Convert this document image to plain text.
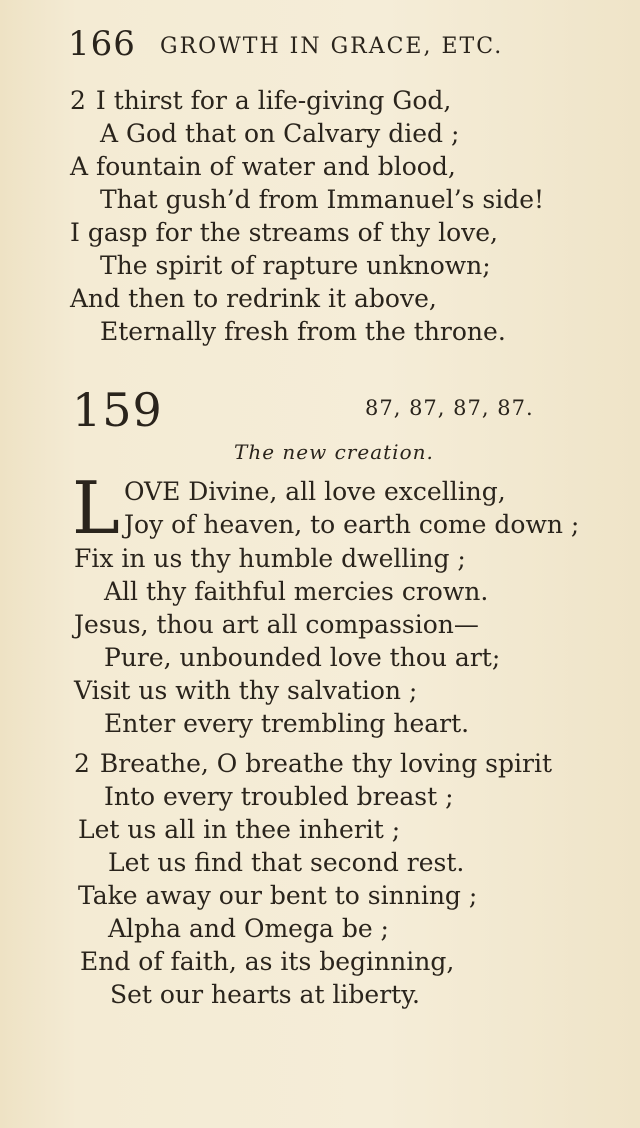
166 GROWTH IN GRACE, ETC.
2 I thirst for a life-giving God,
A God that on Calvary died ;
A fountain of water and blood,
That gush’d from Immanuel’s side!
I gasp for the streams of thy love,
The spirit of rapture unknown;
And then to redrink it above,
Eternally fresh from the throne.
159	87, 87, 87, 87.
The new creation.
L OVE Divine, all love excelling,
Joy of heaven, to earth come down ;
Fix in us thy humble dwelling ;
All thy faithful mercies crown.
Jesus, thou art all compassion—
Pure, unbounded love thou art;
Visit us with thy salvation ;
Enter every trembling heart.
2 Breathe, O breathe thy loving spirit
Into every troubled breast ;
Let us all in thee inherit ;
Let us find that second rest.
Take away our bent to sinning ;
Alpha and Omega be ;
End of faith, as its beginning,
Set our hearts at liberty.
